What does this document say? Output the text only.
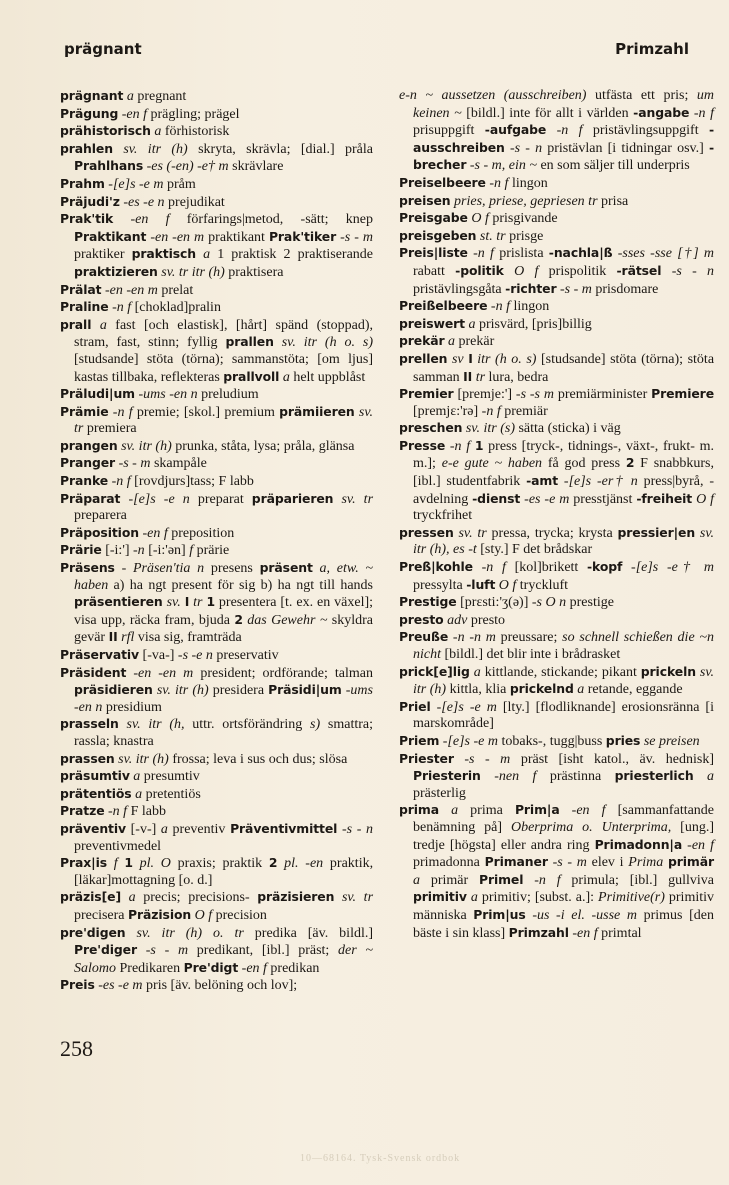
prägnant	Primzahl

prägnant a pregnant

Prägung -en f prägling; prägel

prähistorisch a förhistorisk

prahlen sv. itr (h) skryta, skrävla; [dial.] pråla Prahlhans -es (-en) -e† m skrävlare

Prahm -[e]s -e m pråm

Präjudi'z -es -e n prejudikat

Prak'tik -en f förfarings|metod, -sätt; knep Praktikant -en -en m praktikant Prak'tiker -s - m praktiker praktisch a 1 praktisk 2 praktiserande praktizieren sv. tr itr (h) praktisera

Prälat -en -en m prelat

Praline -n f [choklad]pralin

prall a fast [och elastisk], [hårt] spänd (stoppad), stram, fast, stinn; fyllig prallen sv. itr (h o. s) [studsande] stöta (törna); sammanstöta; [om ljus] kastas tillbaka, reflekteras prallvoll a helt uppblåst

Präludi|um -ums -en n preludium

Prämie -n f premie; [skol.] premium prämiieren sv. tr premiera

prangen sv. itr (h) prunka, ståta, lysa; pråla, glänsa

Pranger -s - m skampåle

Pranke -n f [rovdjurs]tass; F labb

Präparat -[e]s -e n preparat präparieren sv. tr preparera

Präposition -en f preposition

Prärie [-i:'] -n [-i:'ən] f prärie

Präsens - Präsen'tia n presens präsent a, etw. ~ haben a) ha ngt present för sig b) ha ngt till hands präsentieren sv. I tr 1 presentera [t. ex. en växel]; visa upp, räcka fram, bjuda 2 das Gewehr ~ skyldra gevär II rfl visa sig, framträda

Präservativ [-va-] -s -e n preservativ

Präsident -en -en m president; ordförande; talman präsidieren sv. itr (h) presidera Präsidi|um -ums -en n presidium

prasseln sv. itr (h, uttr. ortsförändring s) smattra; rassla; knastra

prassen sv. itr (h) frossa; leva i sus och dus; slösa

präsumtiv a presumtiv

prätentiös a pretentiös

Pratze -n f F labb

präventiv [-v-] a preventiv Präventivmittel -s - n preventivmedel

Prax|is f 1 pl. O praxis; praktik 2 pl. -en praktik, [läkar]mottagning [o. d.]

präzis[e] a precis; precisions- präzisieren sv. tr precisera Präzision O f precision

pre'digen sv. itr (h) o. tr predika [äv. bildl.] Pre'diger -s - m predikant, [ibl.] präst; der ~ Salomo Predikaren Pre'digt -en f predikan

Preis -es -e m pris [äv. belöning och lov];

e-n ~ aussetzen (ausschreiben) utfästa ett pris; um keinen ~ [bildl.] inte för allt i världen -angabe -n f prisuppgift -aufgabe -n f pristävlingsuppgift -ausschreiben -s - n pristävlan [i tidningar osv.] -brecher -s - m, ein ~ en som säljer till underpris

Preiselbeere -n f lingon

preisen pries, priese, gepriesen tr prisa

Preisgabe O f prisgivande

preisgeben st. tr prisge

Preis|liste -n f prislista -nachla|ß -sses -sse [†] m rabatt -politik O f prispolitik -rätsel -s - n pristävlingsgåta -richter -s - m prisdomare

Preißelbeere -n f lingon

preiswert a prisvärd, [pris]billig

prekär a prekär

prellen sv I itr (h o. s) [studsande] stöta (törna); stöta samman II tr lura, bedra

Premier [premje:'] -s -s m premiärminister Premiere [premjɛ:'rə] -n f premiär

preschen sv. itr (s) sätta (sticka) i väg

Presse -n f 1 press [tryck-, tidnings-, växt-, frukt- m. m.]; e-e gute ~ haben få god press 2 F snabbkurs, [ibl.] studentfabrik -amt -[e]s -er† n press|byrå, -avdelning -dienst -es -e m presstjänst -freiheit O f tryckfrihet

pressen sv. tr pressa, trycka; krysta pressier|en sv. itr (h), es -t [sty.] F det brådskar

Preß|kohle -n f [kol]brikett -kopf -[e]s -e† m pressylta -luft O f tryckluft

Prestige [prɛsti:'ʒ(ə)] -s O n prestige

presto adv presto

Preuße -n -n m preussare; so schnell schießen die ~n nicht [bildl.] det blir inte i brådrasket

prick[e]lig a kittlande, stickande; pikant prickeln sv. itr (h) kittla, klia prickelnd a retande, eggande

Priel -[e]s -e m [lty.] [flodliknande] erosionsränna [i marskområde]

Priem -[e]s -e m tobaks-, tugg|buss pries se preisen

Priester -s - m präst [isht katol., äv. hednisk] Priesterin -nen f prästinna priesterlich a prästerlig

prima a prima Prim|a -en f [sammanfattande benämning på] Oberprima o. Unterprima, [ung.] tredje [högsta] eller andra ring Primadonn|a -en f primadonna Primaner -s - m elev i Prima primär a primär Primel -n f primula; [ibl.] gullviva primitiv a primitiv; [subst. a.]: Primitive(r) primitiv människa Prim|us -us -i el. -usse m primus [den bäste i sin klass] Primzahl -en f primtal

258
10—68164. Tysk-Svensk ordbok
